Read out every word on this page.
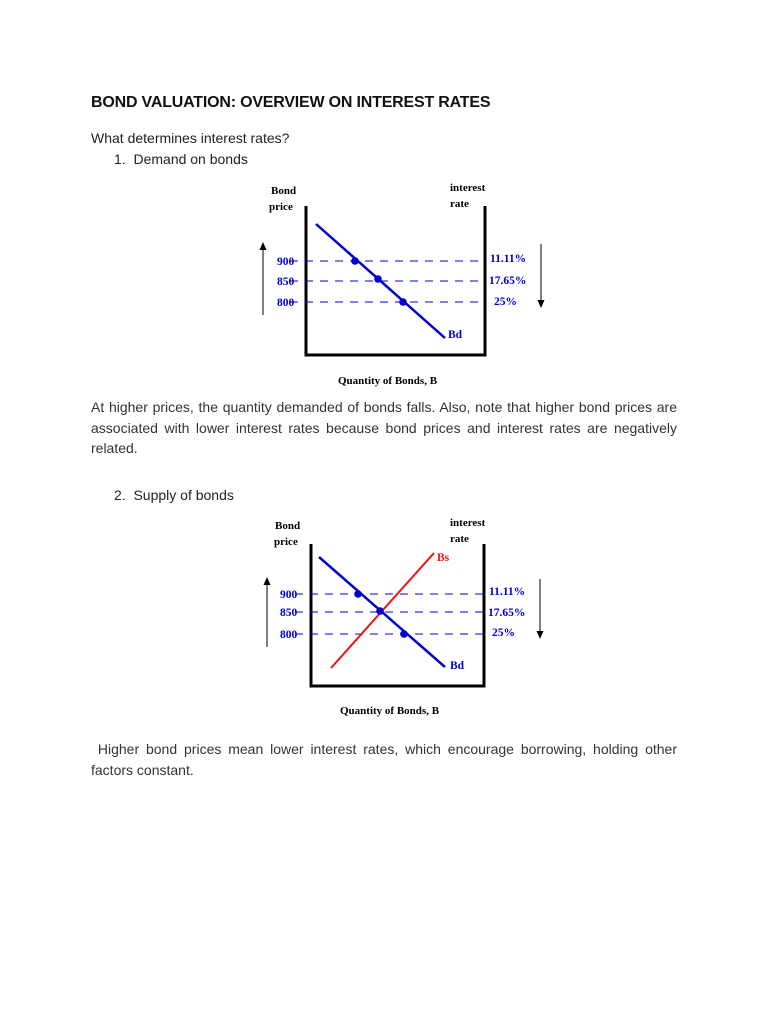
BOND VALUATION: OVERVIEW ON INTEREST RATES
What determines interest rates?
1. Demand on bonds
Bond
price
interest
rate
900
850
800
11.11%
17.65%
25%
Bd
Quantity of Bonds, B
At higher prices, the quantity demanded of bonds falls. Also, note that higher bond prices are associated with lower interest rates because bond prices and interest rates are negatively related.
2. Supply of bonds
Bond
price
interest
rate
900
850
800
11.11%
17.65%
25%
Bs
Bd
Quantity of Bonds, B
Higher bond prices mean lower interest rates, which encourage borrowing, holding other factors constant.
